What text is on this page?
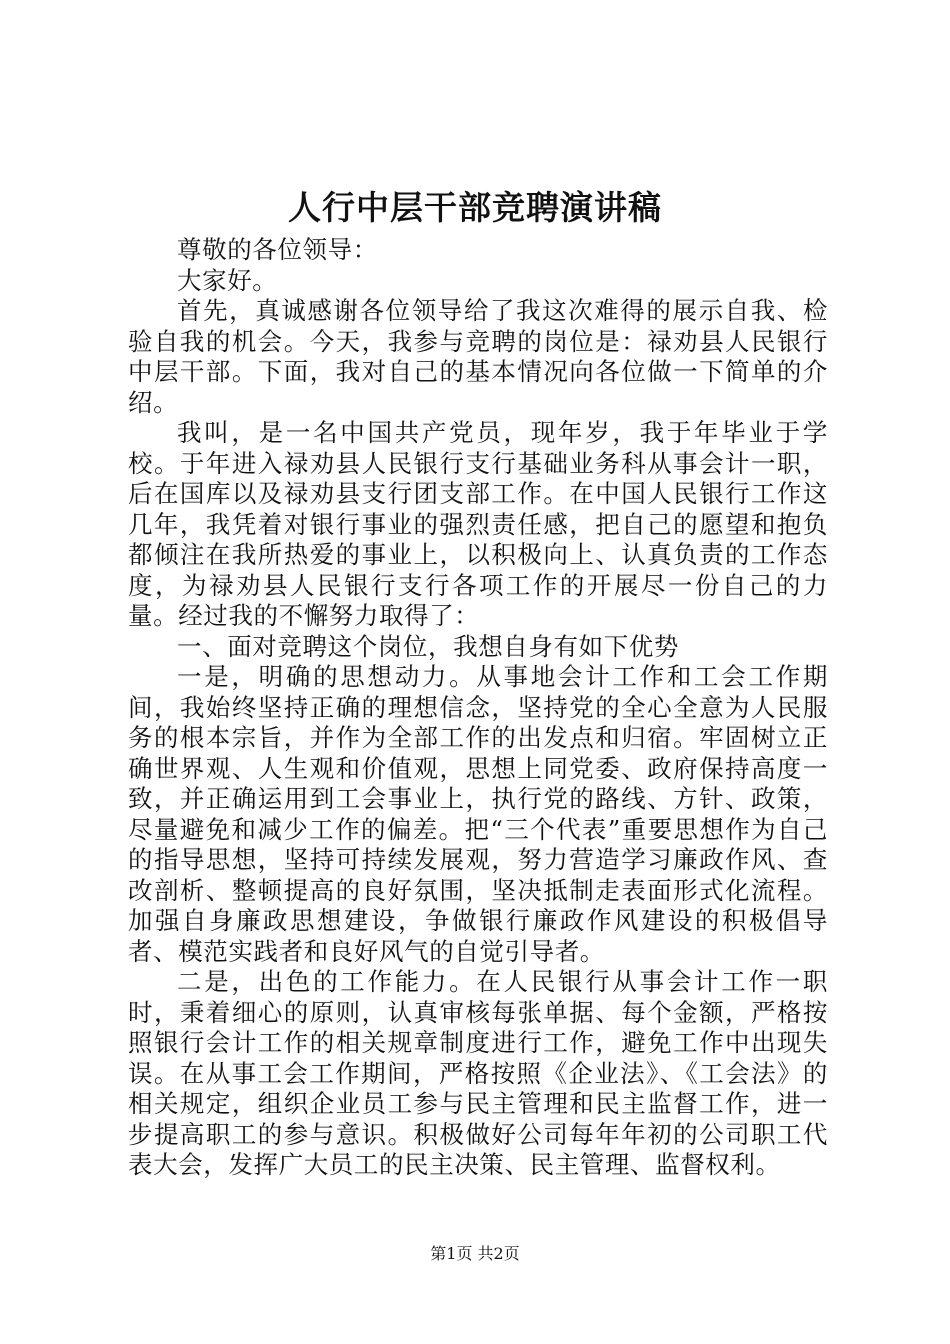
人行中层干部竞聘演讲稿

尊敬的各位领导：

大家好。

首先，真诚感谢各位领导给了我这次难得的展示自我、检验自我的机会。今天，我参与竞聘的岗位是：禄劝县人民银行中层干部。下面，我对自己的基本情况向各位做一下简单的介绍。

我叫，是一名中国共产党员，现年岁，我于年毕业于学校。于年进入禄劝县人民银行支行基础业务科从事会计一职，后在国库以及禄劝县支行团支部工作。在中国人民银行工作这几年，我凭着对银行事业的强烈责任感，把自己的愿望和抱负都倾注在我所热爱的事业上，以积极向上、认真负责的工作态度，为禄劝县人民银行支行各项工作的开展尽一份自己的力量。经过我的不懈努力取得了：

一、面对竞聘这个岗位，我想自身有如下优势

一是，明确的思想动力。从事地会计工作和工会工作期间，我始终坚持正确的理想信念，坚持党的全心全意为人民服务的根本宗旨，并作为全部工作的出发点和归宿。牢固树立正确世界观、人生观和价值观，思想上同党委、政府保持高度一致，并正确运用到工会事业上，执行党的路线、方针、政策，尽量避免和减少工作的偏差。把“三个代表”重要思想作为自己的指导思想，坚持可持续发展观，努力营造学习廉政作风、查改剖析、整顿提高的良好氛围，坚决抵制走表面形式化流程。加强自身廉政思想建设，争做银行廉政作风建设的积极倡导者、模范实践者和良好风气的自觉引导者。

二是，出色的工作能力。在人民银行从事会计工作一职时，秉着细心的原则，认真审核每张单据、每个金额，严格按照银行会计工作的相关规章制度进行工作，避免工作中出现失误。在从事工会工作期间，严格按照《企业法》、《工会法》的相关规定，组织企业员工参与民主管理和民主监督工作，进一步提高职工的参与意识。积极做好公司每年年初的公司职工代表大会，发挥广大员工的民主决策、民主管理、监督权利。

第1页 共2页
